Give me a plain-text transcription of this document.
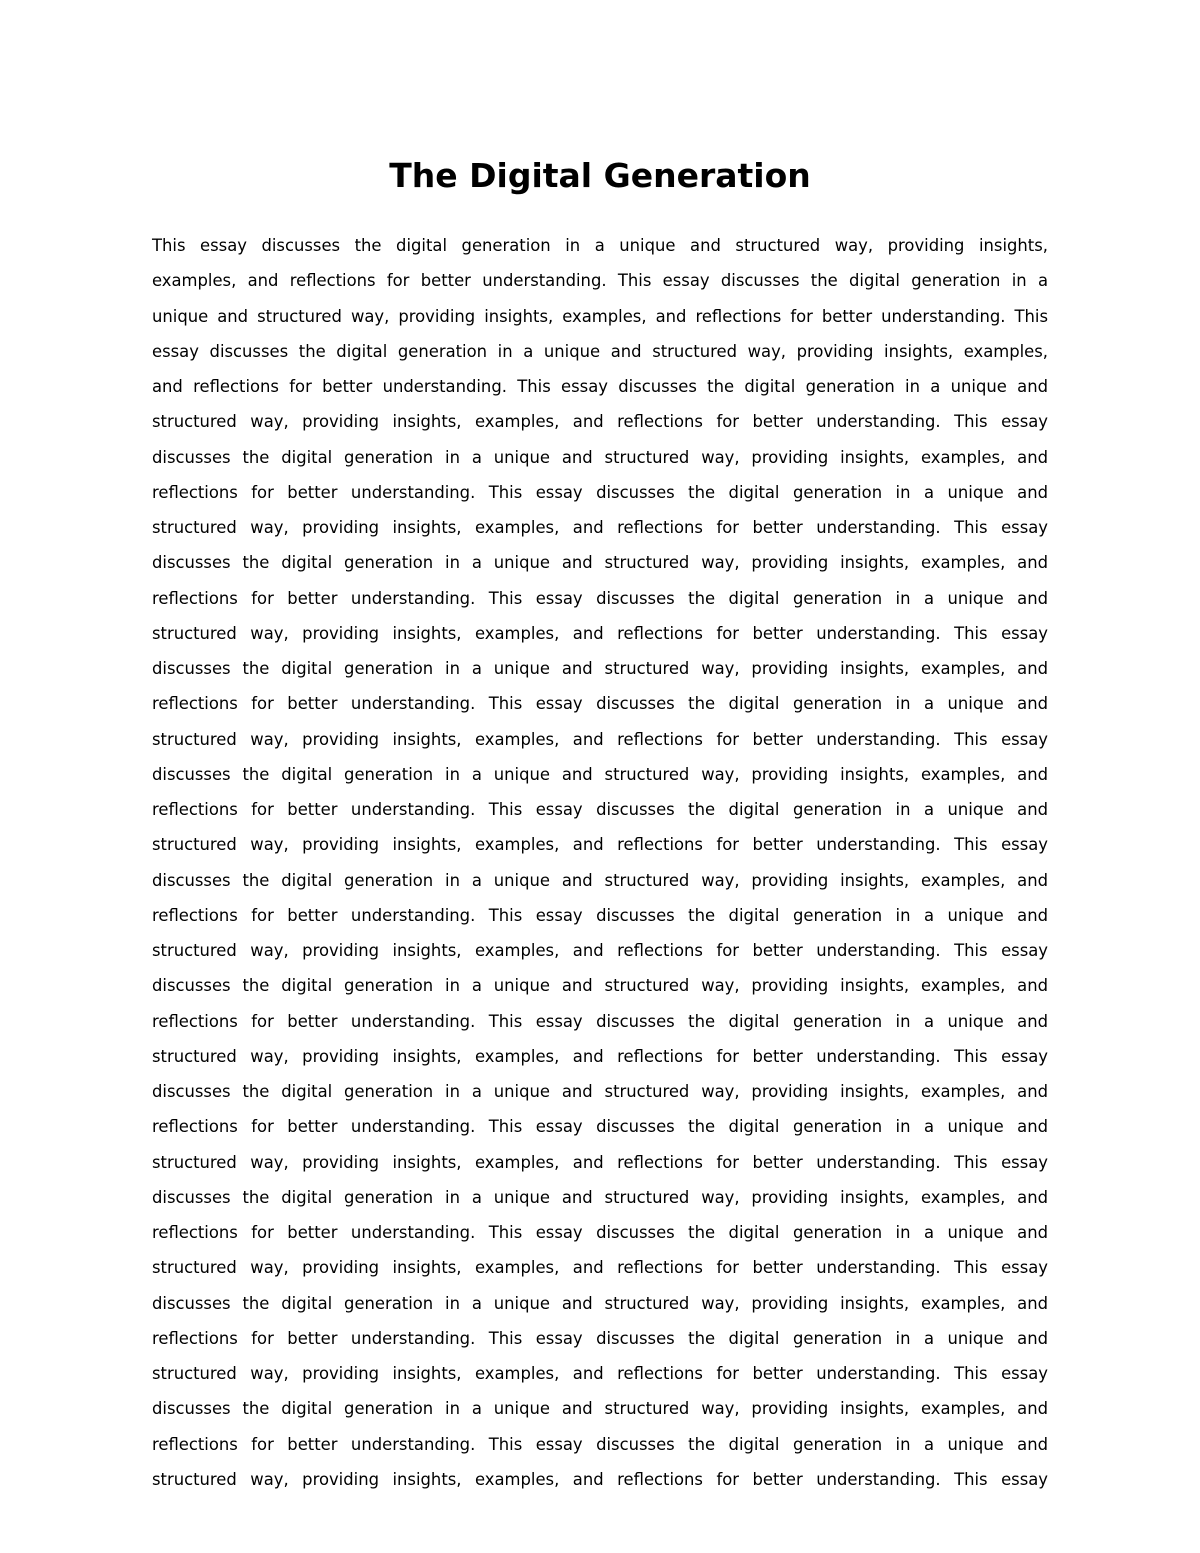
The Digital Generation
This essay discusses the digital generation in a unique and structured way, providing insights,
examples, and reflections for better understanding. This essay discusses the digital generation in a
unique and structured way, providing insights, examples, and reflections for better understanding. This
essay discusses the digital generation in a unique and structured way, providing insights, examples,
and reflections for better understanding. This essay discusses the digital generation in a unique and
structured way, providing insights, examples, and reflections for better understanding. This essay
discusses the digital generation in a unique and structured way, providing insights, examples, and
reflections for better understanding. This essay discusses the digital generation in a unique and
structured way, providing insights, examples, and reflections for better understanding. This essay
discusses the digital generation in a unique and structured way, providing insights, examples, and
reflections for better understanding. This essay discusses the digital generation in a unique and
structured way, providing insights, examples, and reflections for better understanding. This essay
discusses the digital generation in a unique and structured way, providing insights, examples, and
reflections for better understanding. This essay discusses the digital generation in a unique and
structured way, providing insights, examples, and reflections for better understanding. This essay
discusses the digital generation in a unique and structured way, providing insights, examples, and
reflections for better understanding. This essay discusses the digital generation in a unique and
structured way, providing insights, examples, and reflections for better understanding. This essay
discusses the digital generation in a unique and structured way, providing insights, examples, and
reflections for better understanding. This essay discusses the digital generation in a unique and
structured way, providing insights, examples, and reflections for better understanding. This essay
discusses the digital generation in a unique and structured way, providing insights, examples, and
reflections for better understanding. This essay discusses the digital generation in a unique and
structured way, providing insights, examples, and reflections for better understanding. This essay
discusses the digital generation in a unique and structured way, providing insights, examples, and
reflections for better understanding. This essay discusses the digital generation in a unique and
structured way, providing insights, examples, and reflections for better understanding. This essay
discusses the digital generation in a unique and structured way, providing insights, examples, and
reflections for better understanding. This essay discusses the digital generation in a unique and
structured way, providing insights, examples, and reflections for better understanding. This essay
discusses the digital generation in a unique and structured way, providing insights, examples, and
reflections for better understanding. This essay discusses the digital generation in a unique and
structured way, providing insights, examples, and reflections for better understanding. This essay
discusses the digital generation in a unique and structured way, providing insights, examples, and
reflections for better understanding. This essay discusses the digital generation in a unique and
structured way, providing insights, examples, and reflections for better understanding. This essay
